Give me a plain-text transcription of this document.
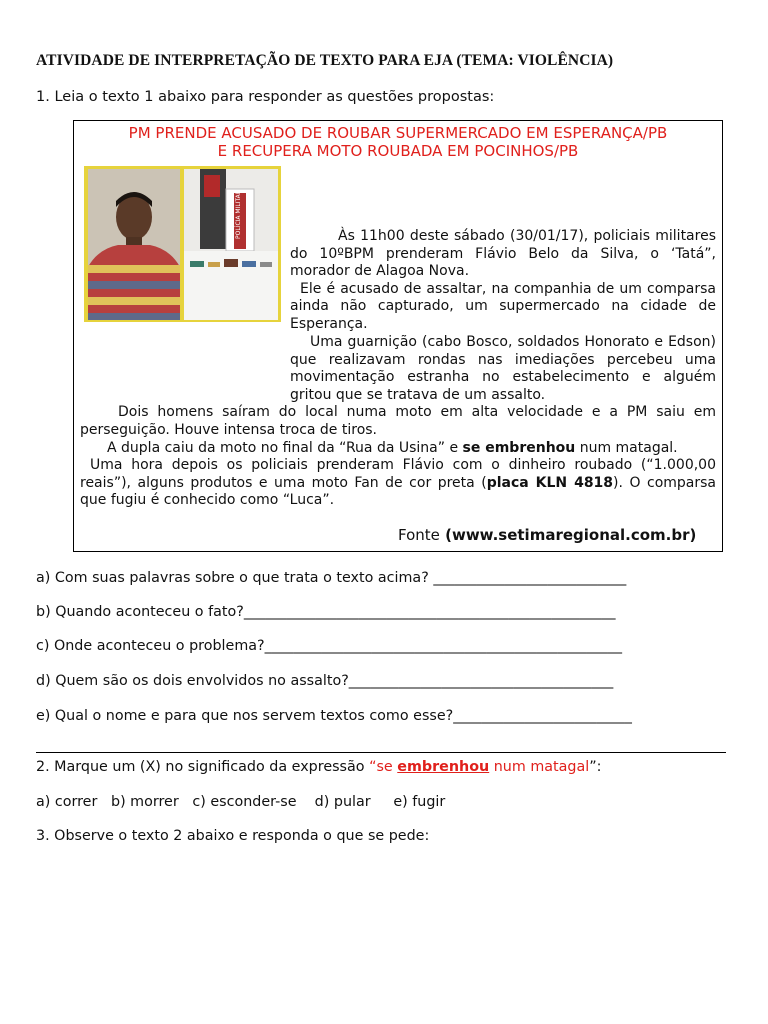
ATIVIDADE DE INTERPRETAÇÃO DE TEXTO PARA EJA (TEMA: VIOLÊNCIA)
1. Leia o texto 1 abaixo para responder as questões propostas:
PM PRENDE ACUSADO DE ROUBAR SUPERMERCADO EM ESPERANÇA/PB
E RECUPERA MOTO ROUBADA EM POCINHOS/PB
POLÍCIA MILITAR	Às 11h00 deste sábado (30/01/17), policiais militares do 10ºBPM prenderam Flávio Belo da Silva, o ‘Tatá”, morador de Alagoa Nova.

Ele é acusado de assaltar, na companhia de um comparsa ainda não capturado, um supermercado na cidade de Esperança.

Uma guarnição (cabo Bosco, soldados Honorato e Edson) que realizavam rondas nas imediações percebeu uma movimentação estranha no estabelecimento e alguém gritou que se tratava de um assalto.

Dois homens saíram do local numa moto em alta velocidade e a PM saiu em perseguição. Houve intensa troca de tiros.

A dupla caiu da moto no final da “Rua da Usina” e se embrenhou num matagal.

Uma hora depois os policiais prenderam Flávio com o dinheiro roubado (“1.000,00 reais”), alguns produtos e uma moto Fan de cor preta (placa KLN 4818). O comparsa que fugiu é conhecido como “Luca”.

Fonte (www.setimaregional.com.br)
a) Com suas palavras sobre o que trata o texto acima? ___________________________
b) Quando aconteceu o fato?____________________________________________________
c) Onde aconteceu o problema?__________________________________________________
d) Quem são os dois envolvidos no assalto?_____________________________________
e) Qual o nome e para que nos servem textos como esse?_________________________
2. Marque um (X) no significado da expressão “se embrenhou num matagal”:
a) correr   b) morrer   c) esconder-se    d) pular     e) fugir
3. Observe o texto 2 abaixo e responda o que se pede:
